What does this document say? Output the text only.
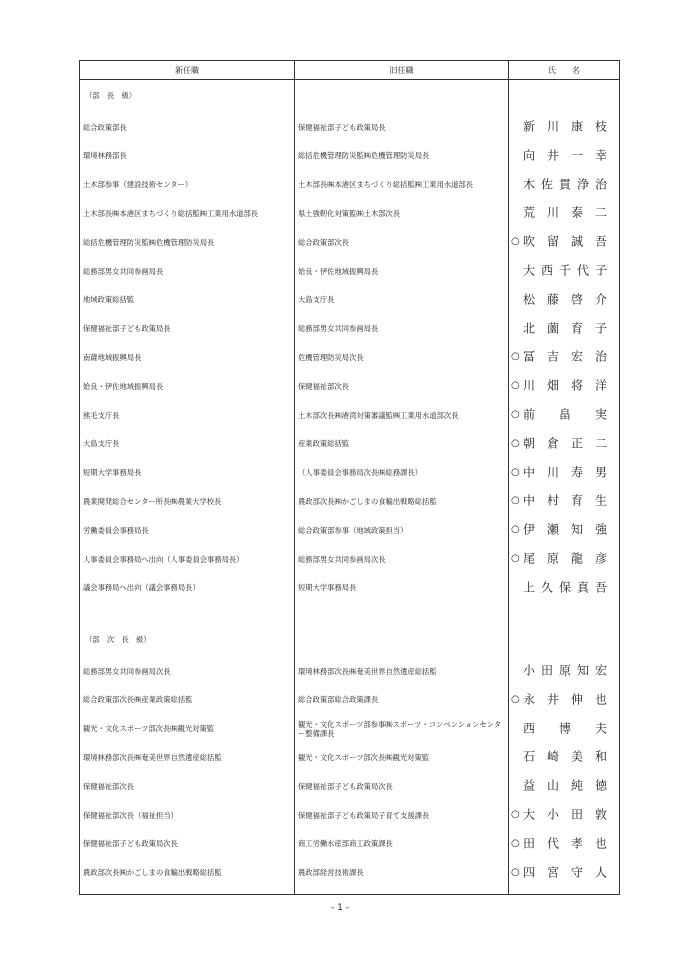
新任職	旧任職	氏　　名
（部　長　級）
総合政策部長	保健福祉部子ども政策局長	新 川 康 枝
環境林務部長	総括危機管理防災監㈱危機管理防災局長	向 井 一 幸
土木部参事（建設技術センター）	土木部長㈱本港区まちづくり総括監㈱工業用水道部長	木 佐 貫 浄 治
土木部長㈱本港区まちづくり総括監㈱工業用水道部長	県土強靭化対策監㈱土木部次長	荒 川 泰 二
総括危機管理防災監㈱危機管理防災局長	総合政策部次長	○ 吹 留 誠 吾
総務部男女共同参画局長	姶良・伊佐地域振興局長	大 西 千 代 子
地域政策総括監	大島支庁長	松 藤 啓 介
保健福祉部子ども政策局長	総務部男女共同参画局長	北 薗 育 子
南薩地域振興局長	危機管理防災局次長	○ 冨 吉 宏 治
姶良・伊佐地域振興局長	保健福祉部次長	○ 川 畑 将 洋
熊毛支庁長	土木部次長㈱港湾対策審議監㈱工業用水道部次長	○ 前 畠 実
大島支庁長	産業政策総括監	○ 朝 倉 正 二
短期大学事務局長	（人事委員会事務局次長㈱総務課長）	○ 中 川 寿 男
農業開発総合センター所長㈱農業大学校長	農政部次長㈱かごしまの食輸出戦略総括監	○ 中 村 育 生
労働委員会事務局長	総合政策部参事（地域政策担当）	○ 伊 瀬 知 強
人事委員会事務局へ出向（人事委員会事務局長）	総務部男女共同参画局次長	○ 尾 原 龍 彦
議会事務局へ出向（議会事務局長）	短期大学事務局長	上 久 保 真 吾
（部　次　長　級）
総務部男女共同参画局次長	環境林務部次長㈱奄美世界自然遺産総括監	小 田 原 知 宏
総合政策部次長㈱産業政策総括監	総合政策部総合政策課長	○ 永 井 伸 也
観光・文化スポーツ部次長㈱観光対策監	観光・文化スポーツ部参事㈱スポーツ・コンベンションセンター整備課長	西 博 夫
環境林務部次長㈱奄美世界自然遺産総括監	観光・文化スポーツ部次長㈱観光対策監	石 崎 美 和
保健福祉部次長	保健福祉部子ども政策局次長	益 山 純 徳
保健福祉部次長（福祉担当）	保健福祉部子ども政策局子育て支援課長	○ 大 小 田 敦
保健福祉部子ども政策局次長	商工労働水産部商工政策課長	○ 田 代 孝 也
農政部次長㈱かごしまの食輸出戦略総括監	農政部経営技術課長	○ 四 宮 守 人
- 1 -
